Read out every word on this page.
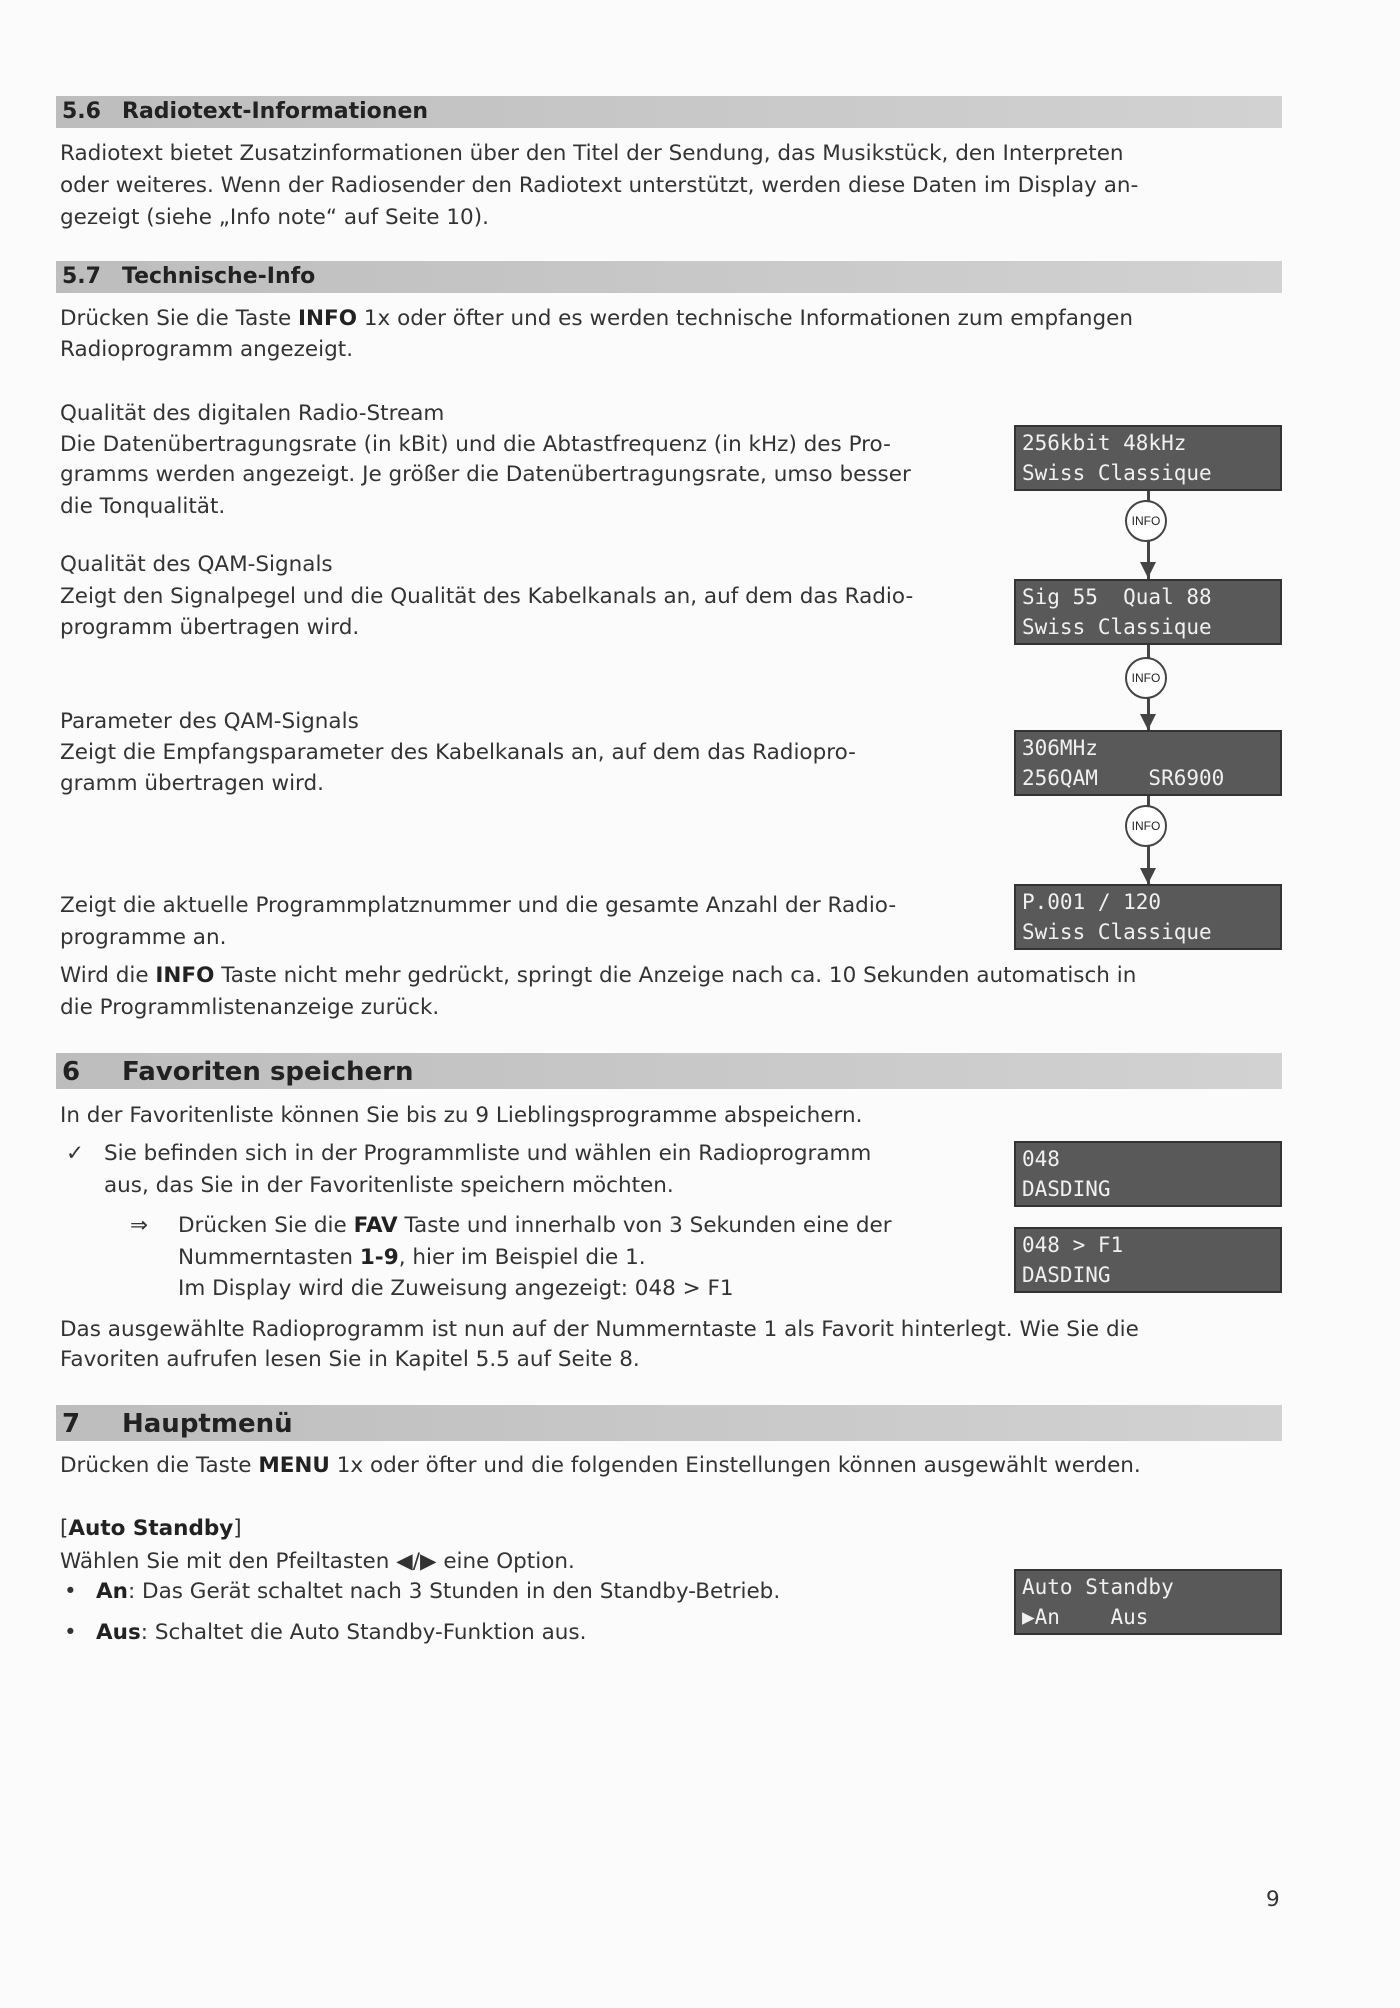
5.6 Radiotext-Informationen
Radiotext bietet Zusatzinformationen über den Titel der Sendung, das Musikstück, den Interpreten
oder weiteres. Wenn der Radiosender den Radiotext unterstützt, werden diese Daten im Display an-
gezeigt (siehe „Info note“ auf Seite 10).
5.7 Technische-Info
Drücken Sie die Taste INFO 1x oder öfter und es werden technische Informationen zum empfangen
Radioprogramm angezeigt.
Qualität des digitalen Radio-Stream
Die Datenübertragungsrate (in kBit) und die Abtastfrequenz (in kHz) des Pro-
gramms werden angezeigt. Je größer die Datenübertragungsrate, umso besser
die Tonqualität.
Qualität des QAM-Signals
Zeigt den Signalpegel und die Qualität des Kabelkanals an, auf dem das Radio-
programm übertragen wird.
Parameter des QAM-Signals
Zeigt die Empfangsparameter des Kabelkanals an, auf dem das Radiopro-
gramm übertragen wird.
Zeigt die aktuelle Programmplatznummer und die gesamte Anzahl der Radio-
programme an.
Wird die INFO Taste nicht mehr gedrückt, springt die Anzeige nach ca. 10 Sekunden automatisch in
die Programmlistenanzeige zurück.
INFO
INFO
INFO
256kbit 48kHz
Swiss Classique
Sig 55  Qual 88
Swiss Classique
306MHz
256QAM    SR6900
P.001 / 120
Swiss Classique
6 Favoriten speichern
In der Favoritenliste können Sie bis zu 9 Lieblingsprogramme abspeichern.
✓ Sie befinden sich in der Programmliste und wählen ein Radioprogramm
aus, das Sie in der Favoritenliste speichern möchten.
⇒ Drücken Sie die FAV Taste und innerhalb von 3 Sekunden eine der
Nummerntasten 1-9, hier im Beispiel die 1.
Im Display wird die Zuweisung angezeigt: 048 > F1
Das ausgewählte Radioprogramm ist nun auf der Nummerntaste 1 als Favorit hinterlegt. Wie Sie die
Favoriten aufrufen lesen Sie in Kapitel 5.5 auf Seite 8.
048
DASDING
048 > F1
DASDING
7 Hauptmenü
Drücken die Taste MENU 1x oder öfter und die folgenden Einstellungen können ausgewählt werden.
[Auto Standby]
Wählen Sie mit den Pfeiltasten ◀/▶ eine Option.
• An: Das Gerät schaltet nach 3 Stunden in den Standby-Betrieb.
• Aus: Schaltet die Auto Standby-Funktion aus.
Auto Standby
▶An    Aus
9
